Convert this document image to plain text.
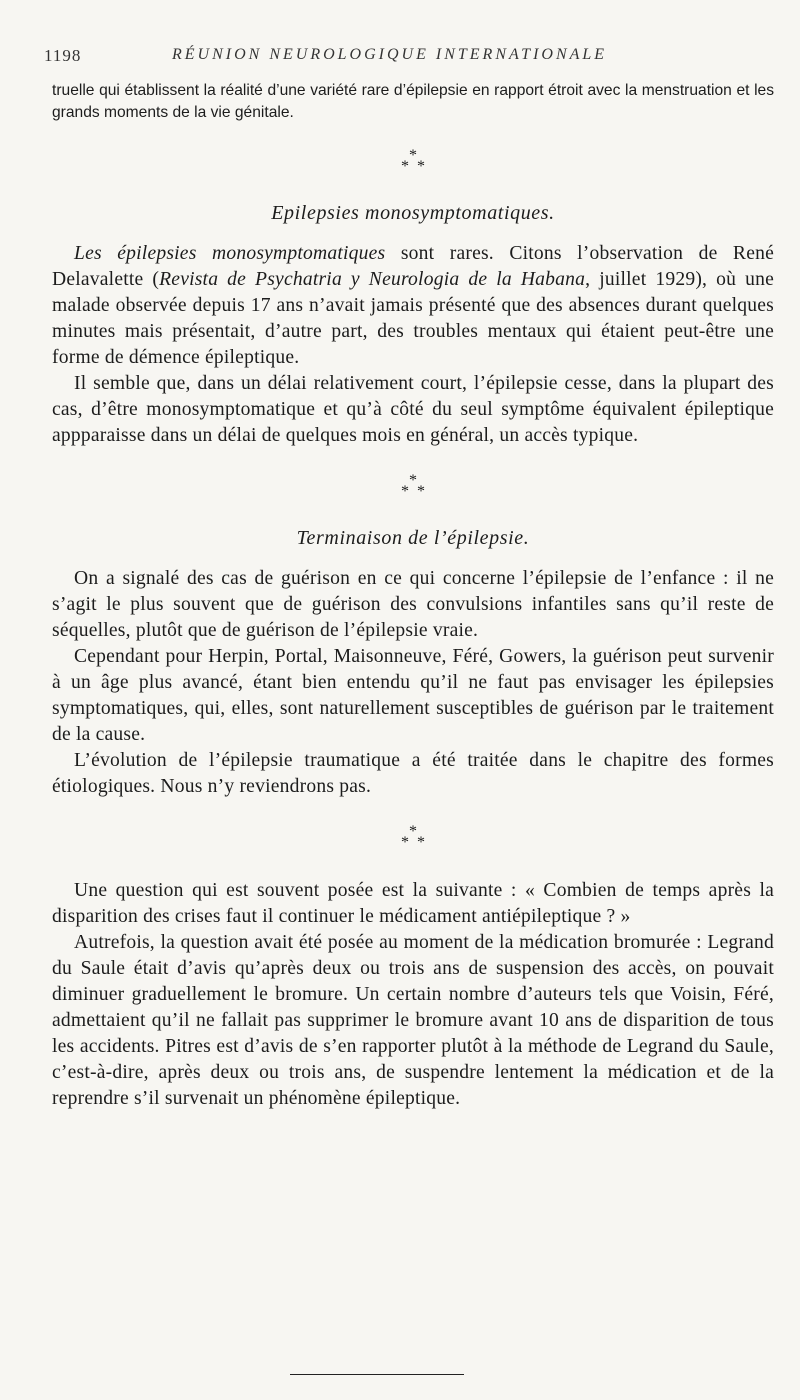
1198	RÉUNION NEUROLOGIQUE INTERNATIONALE

truelle qui établissent la réalité d’une variété rare d’épilepsie en rapport étroit avec la menstruation et les grands moments de la vie génitale.

*
* *
Epilepsies monosymptomatiques.

Les épilepsies monosymptomatiques sont rares. Citons l’observation de René Delavalette (Revista de Psychatria y Neurologia de la Habana, juillet 1929), où une malade observée depuis 17 ans n’avait jamais présenté que des absences durant quelques minutes mais présentait, d’autre part, des troubles mentaux qui étaient peut-être une forme de démence épileptique.

Il semble que, dans un délai relativement court, l’épilepsie cesse, dans la plupart des cas, d’être monosymptomatique et qu’à côté du seul symptôme équivalent épileptique appparaisse dans un délai de quelques mois en général, un accès typique.

*
* *
Terminaison de l’épilepsie.

On a signalé des cas de guérison en ce qui concerne l’épilepsie de l’enfance : il ne s’agit le plus souvent que de guérison des convulsions infantiles sans qu’il reste de séquelles, plutôt que de guérison de l’épilepsie vraie.

Cependant pour Herpin, Portal, Maisonneuve, Féré, Gowers, la guérison peut survenir à un âge plus avancé, étant bien entendu qu’il ne faut pas envisager les épilepsies symptomatiques, qui, elles, sont naturellement susceptibles de guérison par le traitement de la cause.

L’évolution de l’épilepsie traumatique a été traitée dans le chapitre des formes étiologiques. Nous n’y reviendrons pas.

*
* *

Une question qui est souvent posée est la suivante : « Combien de temps après la disparition des crises faut il continuer le médicament antiépileptique ? »

Autrefois, la question avait été posée au moment de la médication bromurée : Legrand du Saule était d’avis qu’après deux ou trois ans de suspension des accès, on pouvait diminuer graduellement le bromure. Un certain nombre d’auteurs tels que Voisin, Féré, admettaient qu’il ne fallait pas supprimer le bromure avant 10 ans de disparition de tous les accidents. Pitres est d’avis de s’en rapporter plutôt à la méthode de Legrand du Saule, c’est-à-dire, après deux ou trois ans, de suspendre lentement la médication et de la reprendre s’il survenait un phénomène épileptique.
